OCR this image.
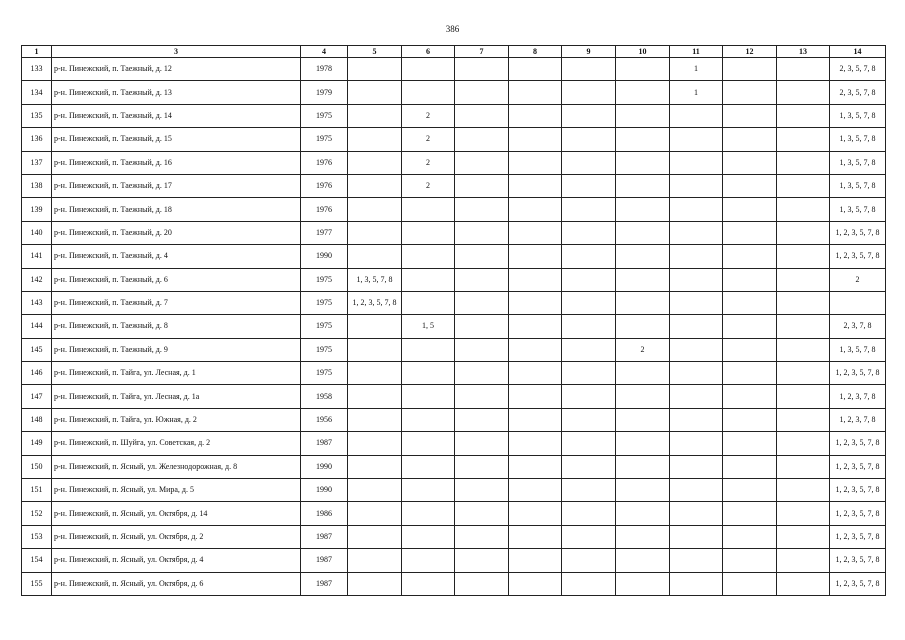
386
1	3	4	5	6	7	8	9	10	11	12	13	14
133	р-н. Пинежский, п. Таежный, д. 12	1978							1			2, 3, 5, 7, 8
134	р-н. Пинежский, п. Таежный, д. 13	1979							1			2, 3, 5, 7, 8
135	р-н. Пинежский, п. Таежный, д. 14	1975		2								1, 3, 5, 7, 8
136	р-н. Пинежский, п. Таежный, д. 15	1975		2								1, 3, 5, 7, 8
137	р-н. Пинежский, п. Таежный, д. 16	1976		2								1, 3, 5, 7, 8
138	р-н. Пинежский, п. Таежный, д. 17	1976		2								1, 3, 5, 7, 8
139	р-н. Пинежский, п. Таежный, д. 18	1976										1, 3, 5, 7, 8
140	р-н. Пинежский, п. Таежный, д. 20	1977										1, 2, 3, 5, 7, 8
141	р-н. Пинежский, п. Таежный, д. 4	1990										1, 2, 3, 5, 7, 8
142	р-н. Пинежский, п. Таежный, д. 6	1975	1, 3, 5, 7, 8									2
143	р-н. Пинежский, п. Таежный, д. 7	1975	1, 2, 3, 5, 7, 8									
144	р-н. Пинежский, п. Таежный, д. 8	1975		1, 5								2, 3, 7, 8
145	р-н. Пинежский, п. Таежный, д. 9	1975						2				1, 3, 5, 7, 8
146	р-н. Пинежский, п. Тайга, ул. Лесная, д. 1	1975										1, 2, 3, 5, 7, 8
147	р-н. Пинежский, п. Тайга, ул. Лесная, д. 1а	1958										1, 2, 3, 7, 8
148	р-н. Пинежский, п. Тайга, ул. Южная, д. 2	1956										1, 2, 3, 7, 8
149	р-н. Пинежский, п. Шуйга, ул. Советская, д. 2	1987										1, 2, 3, 5, 7, 8
150	р-н. Пинежский, п. Ясный, ул. Железнодорожная, д. 8	1990										1, 2, 3, 5, 7, 8
151	р-н. Пинежский, п. Ясный, ул. Мира, д. 5	1990										1, 2, 3, 5, 7, 8
152	р-н. Пинежский, п. Ясный, ул. Октября, д. 14	1986										1, 2, 3, 5, 7, 8
153	р-н. Пинежский, п. Ясный, ул. Октября, д. 2	1987										1, 2, 3, 5, 7, 8
154	р-н. Пинежский, п. Ясный, ул. Октября, д. 4	1987										1, 2, 3, 5, 7, 8
155	р-н. Пинежский, п. Ясный, ул. Октября, д. 6	1987										1, 2, 3, 5, 7, 8
